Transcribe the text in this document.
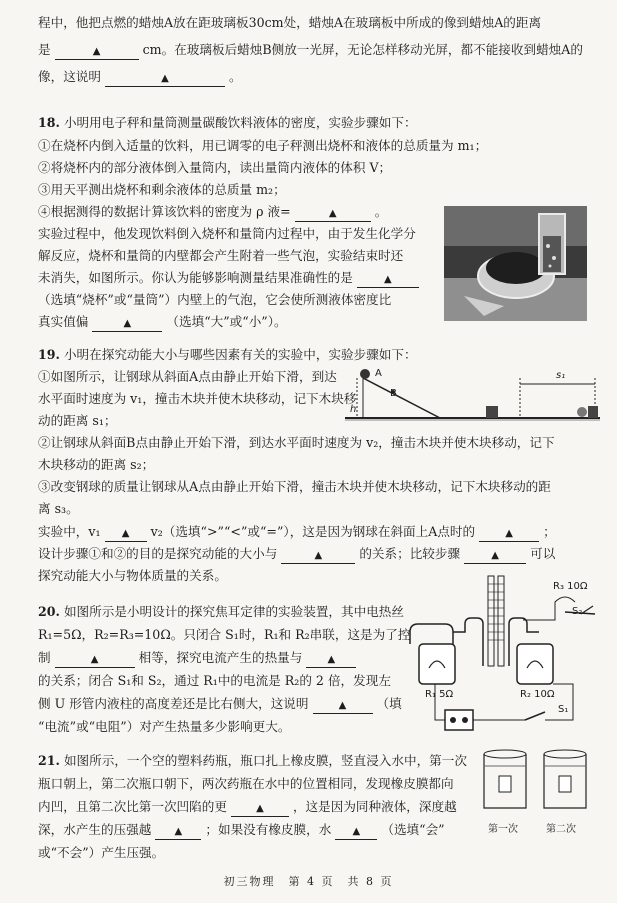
程中，他把点燃的蜡烛A放在距玻璃板30cm处，蜡烛A在玻璃板中所成的像到蜡烛A的距离
是	▲	cm。在玻璃板后蜡烛B侧放一光屏，无论怎样移动光屏，都不能接收到蜡烛A的
像，这说明	▲	。
18. 小明用电子秤和量筒测量碳酸饮料液体的密度，实验步骤如下：
①在烧杯内倒入适量的饮料，用已调零的电子秤测出烧杯和液体的总质量为 m₁；
②将烧杯内的部分液体倒入量筒内，读出量筒内液体的体积 V；
③用天平测出烧杯和剩余液体的总质量 m₂；
④根据测得的数据计算该饮料的密度为 ρ 液=	▲	。
实验过程中，他发现饮料倒入烧杯和量筒内过程中，由于发生化学分
解反应，烧杯和量筒的内壁都会产生附着一些气泡，实验结束时还
未消失，如图所示。你认为能够影响测量结果准确性的是	▲
（选填“烧杯”或“量筒”）内壁上的气泡，它会使所测液体密度比
真实值偏	▲	（选填“大”或“小”）。
19. 小明在探究动能大小与哪些因素有关的实验中，实验步骤如下：
①如图所示，让钢球从斜面A点由静止开始下滑，到达
水平面时速度为 v₁，撞击木块并使木块移动，记下木块移
动的距离 s₁；
②让钢球从斜面B点由静止开始下滑，到达水平面时速度为 v₂，撞击木块并使木块移动，记下
木块移动的距离 s₂；
③改变钢球的质量让钢球从A点由静止开始下滑，撞击木块并使木块移动，记下木块移动的距
离 s₃。
实验中，v₁ ▲ v₂（选填“>”“<”或“=”），这是因为钢球在斜面上A点时的	▲ ；
设计步骤①和②的目的是探究动能的大小与	▲	的关系；比较步骤	▲ 可以
探究动能大小与物体质量的关系。
A
B
h
s₁
20. 如图所示是小明设计的探究焦耳定律的实验装置，其中电热丝
R₁=5Ω，R₂=R₃=10Ω。只闭合 S₁时，R₁和 R₂串联，这是为了控
制	▲	相等，探究电流产生的热量与	▲
的关系；闭合 S₁和 S₂，通过 R₁中的电流是 R₂的 2 倍，发现左
侧 U 形管内液柱的高度差还是比右侧大，这说明	▲ （填
“电流”或“电阻”）对产生热量多少影响更大。
R₃ 10Ω
S₂
R₁ 5Ω	R₂ 10Ω
S₁
21. 如图所示，一个空的塑料药瓶，瓶口扎上橡皮膜，竖直浸入水中，第一次
瓶口朝上，第二次瓶口朝下，两次药瓶在水中的位置相同，发现橡皮膜都向
内凹，且第二次比第一次凹陷的更	▲ ，这是因为同种液体，深度越
深，水产生的压强越 ▲ ；如果没有橡皮膜，水 ▲ （选填“会”
或“不会”）产生压强。
第一次	第二次
初三物理　第 4 页　共 8 页
